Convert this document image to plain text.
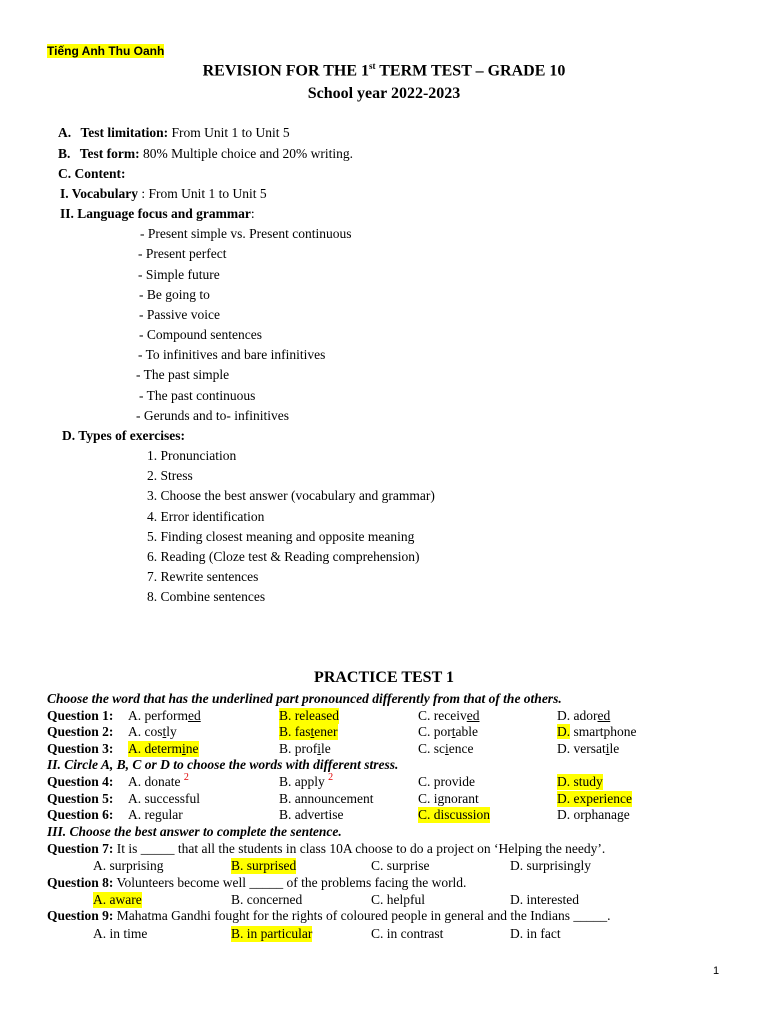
Tiếng Anh Thu Oanh
REVISION FOR THE 1st TERM TEST – GRADE 10
School year 2022-2023
A. Test limitation: From Unit 1 to Unit 5
B. Test form: 80% Multiple choice and 20% writing.
C. Content:
I. Vocabulary : From Unit 1 to Unit 5
II. Language focus and grammar:
- Present simple vs. Present continuous
- Present perfect
- Simple future
- Be going to
- Passive voice
- Compound sentences
- To infinitives and bare infinitives
- The past simple
- The past continuous
- Gerunds and to- infinitives
D. Types of exercises:
1. Pronunciation
2. Stress
3. Choose the best answer (vocabulary and grammar)
4. Error identification
5. Finding closest meaning and opposite meaning
6. Reading (Cloze test & Reading comprehension)
7. Rewrite sentences
8. Combine sentences
PRACTICE TEST 1
Choose the word that has the underlined part pronounced differently from that of the others.
Question 1: A. performed	B. released	C. received	D. adored
Question 2: A. costly	B. fastener	C. portable	D. smartphone
Question 3: A. determine	B. profile	C. science	D. versatile
II. Circle A, B, C or D to choose the words with different stress.
Question 4: A. donate $^2$	B. apply $^2$	C. provide	D. study
Question 5: A. successful	B. announcement	C. ignorant	D. experience
Question 6: A. regular	B. advertise	C. discussion	D. orphanage
III. Choose the best answer to complete the sentence.
Question 7: It is _____ that all the students in class 10A choose to do a project on ‘Helping the needy’.
A. surprising	B. surprised	C. surprise	D. surprisingly
Question 8: Volunteers become well _____ of the problems facing the world.
A. aware	B. concerned	C. helpful	D. interested
Question 9: Mahatma Gandhi fought for the rights of coloured people in general and the Indians _____.
A. in time	B. in particular	C. in contrast	D. in fact
1
